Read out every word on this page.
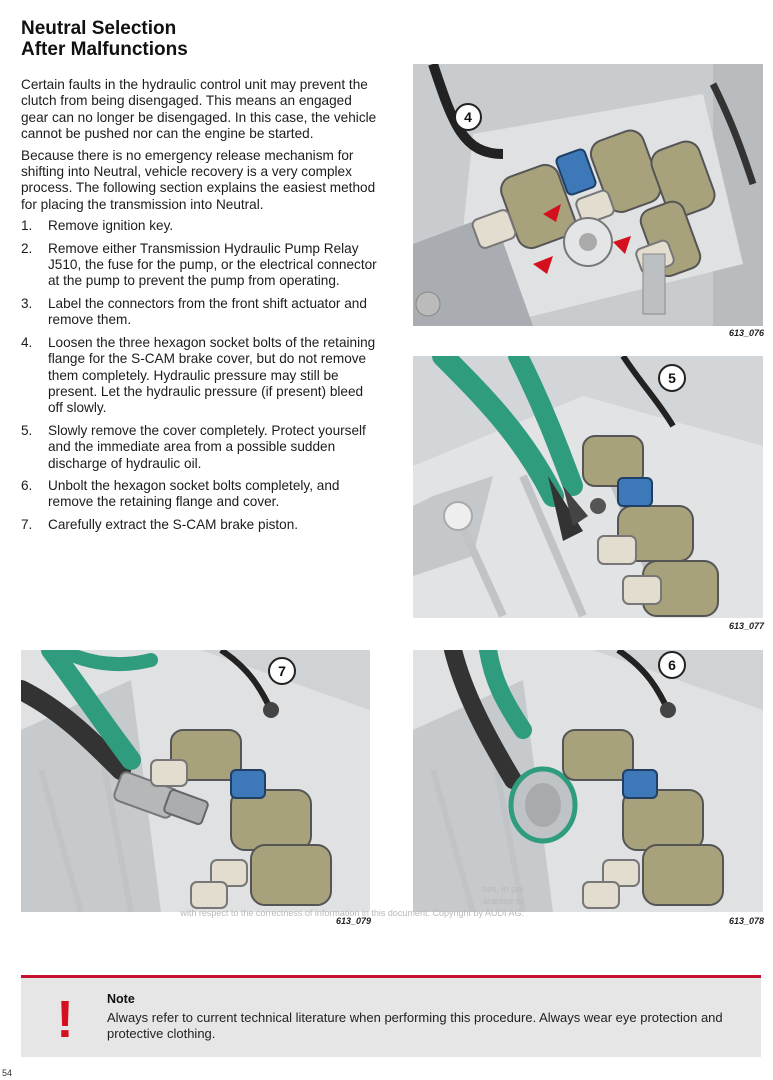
Neutral Selection
After Malfunctions

Certain faults in the hydraulic control unit may prevent the clutch from being disengaged. This means an engaged gear can no longer be disengaged. In this case, the vehicle cannot be pushed nor can the engine be started.

Because there is no emergency release mechanism for shifting into Neutral, vehicle recovery is a very complex process. The following section explains the easiest method for placing the transmission into Neutral.

1.	Remove ignition key.
2.	Remove either Transmission Hydraulic Pump Relay J510, the fuse for the pump, or the electrical connector at the pump to prevent the pump from operating.
3.	Label the connectors from the front shift actuator and remove them.
4.	Loosen the three hexagon socket bolts of the retaining flange for the S-CAM brake cover, but do not remove them completely. Hydraulic pressure may still be present. Let the hydraulic pressure (if present) bleed off slowly.
5.	Slowly remove the cover completely. Protect yourself and the immediate area from a possible sudden discharge of hydraulic oil.
6.	Unbolt the hexagon socket bolts completely, and remove the retaining flange and cover.
7.	Carefully extract the S-CAM brake piston.
4
613_076
5
613_077
7
613_079
6
613_078
ses, in par
arantee or
with respect to the correctness of information in this document. Copyright by AUDI AG.
!	Note
Always refer to current technical literature when performing this procedure. Always wear eye protection and protective clothing.
54
